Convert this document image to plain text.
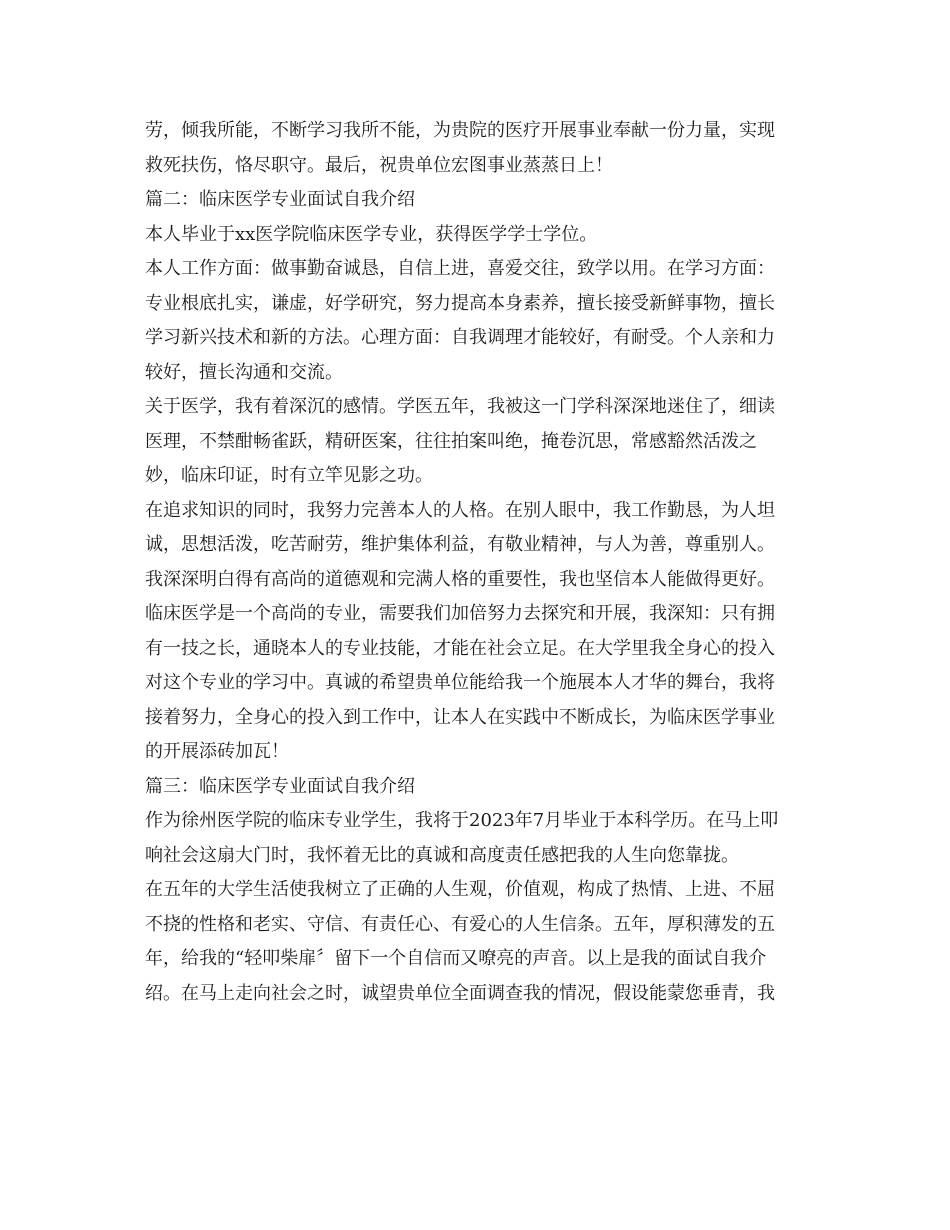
劳，倾我所能，不断学习我所不能，为贵院的医疗开展事业奉献一份力量，实现
救死扶伤，恪尽职守。最后，祝贵单位宏图事业蒸蒸日上！
篇二：临床医学专业面试自我介绍
本人毕业于xx医学院临床医学专业，获得医学学士学位。
本人工作方面：做事勤奋诚恳，自信上进，喜爱交往，致学以用。在学习方面：
专业根底扎实，谦虚，好学研究，努力提高本身素养，擅长接受新鲜事物，擅长
学习新兴技术和新的方法。心理方面：自我调理才能较好，有耐受。个人亲和力
较好，擅长沟通和交流。
关于医学，我有着深沉的感情。学医五年，我被这一门学科深深地迷住了，细读
医理，不禁酣畅雀跃，精研医案，往往拍案叫绝，掩卷沉思，常感豁然活泼之
妙，临床印证，时有立竿见影之功。
在追求知识的同时，我努力完善本人的人格。在别人眼中，我工作勤恳，为人坦
诚，思想活泼，吃苦耐劳，维护集体利益，有敬业精神，与人为善，尊重别人。
我深深明白得有高尚的道德观和完满人格的重要性，我也坚信本人能做得更好。
临床医学是一个高尚的专业，需要我们加倍努力去探究和开展，我深知：只有拥
有一技之长，通晓本人的专业技能，才能在社会立足。在大学里我全身心的投入
对这个专业的学习中。真诚的希望贵单位能给我一个施展本人才华的舞台，我将
接着努力，全身心的投入到工作中，让本人在实践中不断成长，为临床医学事业
的开展添砖加瓦！
篇三：临床医学专业面试自我介绍
作为徐州医学院的临床专业学生，我将于2023年7月毕业于本科学历。在马上叩
响社会这扇大门时，我怀着无比的真诚和高度责任感把我的人生向您靠拢。
在五年的大学生活使我树立了正确的人生观，价值观，构成了热情、上进、不屈
不挠的性格和老实、守信、有责任心、有爱心的人生信条。五年，厚积薄发的五
年，给我的“轻叩柴扉〞留下一个自信而又嘹亮的声音。以上是我的面试自我介
绍。在马上走向社会之时，诚望贵单位全面调查我的情况，假设能蒙您垂青，我
